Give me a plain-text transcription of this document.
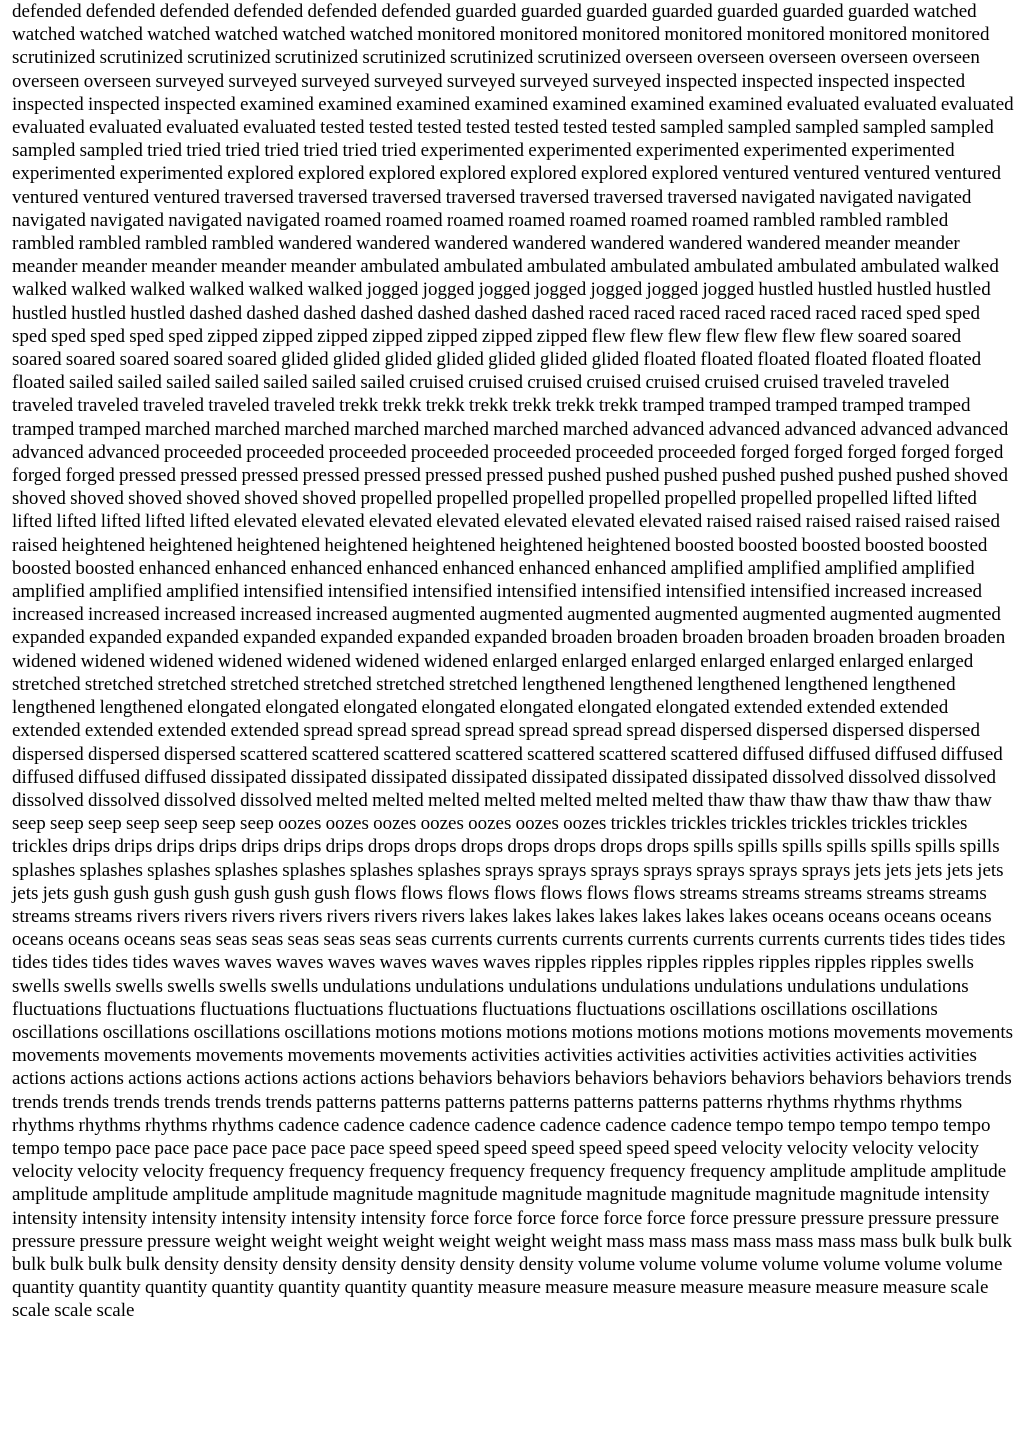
defended defended defended defended defended defended guarded guarded guarded guarded guarded guarded guarded watched watched watched watched watched watched watched monitored monitored monitored monitored monitored monitored monitored scrutinized scrutinized scrutinized scrutinized scrutinized scrutinized scrutinized overseen overseen overseen overseen overseen overseen overseen surveyed surveyed surveyed surveyed surveyed surveyed surveyed inspected inspected inspected inspected inspected inspected inspected examined examined examined examined examined examined examined evaluated evaluated evaluated evaluated evaluated evaluated evaluated tested tested tested tested tested tested tested sampled sampled sampled sampled sampled sampled sampled tried tried tried tried tried tried tried experimented experimented experimented experimented experimented experimented experimented explored explored explored explored explored explored explored ventured ventured ventured ventured ventured ventured ventured traversed traversed traversed traversed traversed traversed traversed navigated navigated navigated navigated navigated navigated navigated roamed roamed roamed roamed roamed roamed roamed rambled rambled rambled rambled rambled rambled rambled wandered wandered wandered wandered wandered wandered wandered meander meander meander meander meander meander meander ambulated ambulated ambulated ambulated ambulated ambulated ambulated walked walked walked walked walked walked walked jogged jogged jogged jogged jogged jogged jogged hustled hustled hustled hustled hustled hustled hustled dashed dashed dashed dashed dashed dashed dashed raced raced raced raced raced raced raced sped sped sped sped sped sped sped zipped zipped zipped zipped zipped zipped zipped flew flew flew flew flew flew flew soared soared soared soared soared soared soared glided glided glided glided glided glided glided floated floated floated floated floated floated floated sailed sailed sailed sailed sailed sailed sailed cruised cruised cruised cruised cruised cruised cruised traveled traveled traveled traveled traveled traveled traveled trekk trekk trekk trekk trekk trekk trekk tramped tramped tramped tramped tramped tramped tramped marched marched marched marched marched marched marched advanced advanced advanced advanced advanced advanced advanced proceeded proceeded proceeded proceeded proceeded proceeded proceeded forged forged forged forged forged forged forged pressed pressed pressed pressed pressed pressed pressed pushed pushed pushed pushed pushed pushed pushed shoved shoved shoved shoved shoved shoved shoved propelled propelled propelled propelled propelled propelled propelled lifted lifted lifted lifted lifted lifted lifted elevated elevated elevated elevated elevated elevated elevated raised raised raised raised raised raised raised heightened heightened heightened heightened heightened heightened heightened boosted boosted boosted boosted boosted boosted boosted enhanced enhanced enhanced enhanced enhanced enhanced enhanced amplified amplified amplified amplified amplified amplified amplified intensified intensified intensified intensified intensified intensified intensified increased increased increased increased increased increased increased augmented augmented augmented augmented augmented augmented augmented expanded expanded expanded expanded expanded expanded expanded broaden broaden broaden broaden broaden broaden broaden widened widened widened widened widened widened widened enlarged enlarged enlarged enlarged enlarged enlarged enlarged stretched stretched stretched stretched stretched stretched stretched lengthened lengthened lengthened lengthened lengthened lengthened lengthened elongated elongated elongated elongated elongated elongated elongated extended extended extended extended extended extended extended spread spread spread spread spread spread spread dispersed dispersed dispersed dispersed dispersed dispersed dispersed scattered scattered scattered scattered scattered scattered scattered diffused diffused diffused diffused diffused diffused diffused dissipated dissipated dissipated dissipated dissipated dissipated dissipated dissolved dissolved dissolved dissolved dissolved dissolved dissolved melted melted melted melted melted melted melted thaw thaw thaw thaw thaw thaw thaw seep seep seep seep seep seep seep oozes oozes oozes oozes oozes oozes oozes trickles trickles trickles trickles trickles trickles trickles drips drips drips drips drips drips drips drops drops drops drops drops drops drops spills spills spills spills spills spills spills splashes splashes splashes splashes splashes splashes splashes sprays sprays sprays sprays sprays sprays sprays jets jets jets jets jets jets jets gush gush gush gush gush gush gush flows flows flows flows flows flows flows streams streams streams streams streams streams streams rivers rivers rivers rivers rivers rivers rivers lakes lakes lakes lakes lakes lakes lakes oceans oceans oceans oceans oceans oceans oceans seas seas seas seas seas seas seas currents currents currents currents currents currents currents tides tides tides tides tides tides tides waves waves waves waves waves waves waves ripples ripples ripples ripples ripples ripples ripples swells swells swells swells swells swells swells undulations undulations undulations undulations undulations undulations undulations fluctuations fluctuations fluctuations fluctuations fluctuations fluctuations fluctuations oscillations oscillations oscillations oscillations oscillations oscillations oscillations motions motions motions motions motions motions motions movements movements movements movements movements movements movements activities activities activities activities activities activities activities actions actions actions actions actions actions actions behaviors behaviors behaviors behaviors behaviors behaviors behaviors trends trends trends trends trends trends trends patterns patterns patterns patterns patterns patterns patterns rhythms rhythms rhythms rhythms rhythms rhythms rhythms cadence cadence cadence cadence cadence cadence cadence tempo tempo tempo tempo tempo tempo tempo pace pace pace pace pace pace pace speed speed speed speed speed speed speed velocity velocity velocity velocity velocity velocity velocity frequency frequency frequency frequency frequency frequency frequency amplitude amplitude amplitude amplitude amplitude amplitude amplitude magnitude magnitude magnitude magnitude magnitude magnitude magnitude intensity intensity intensity intensity intensity intensity intensity force force force force force force force pressure pressure pressure pressure pressure pressure pressure weight weight weight weight weight weight weight mass mass mass mass mass mass mass bulk bulk bulk bulk bulk bulk bulk density density density density density density density volume volume volume volume volume volume volume quantity quantity quantity quantity quantity quantity quantity measure measure measure measure measure measure measure scale scale scale scale
